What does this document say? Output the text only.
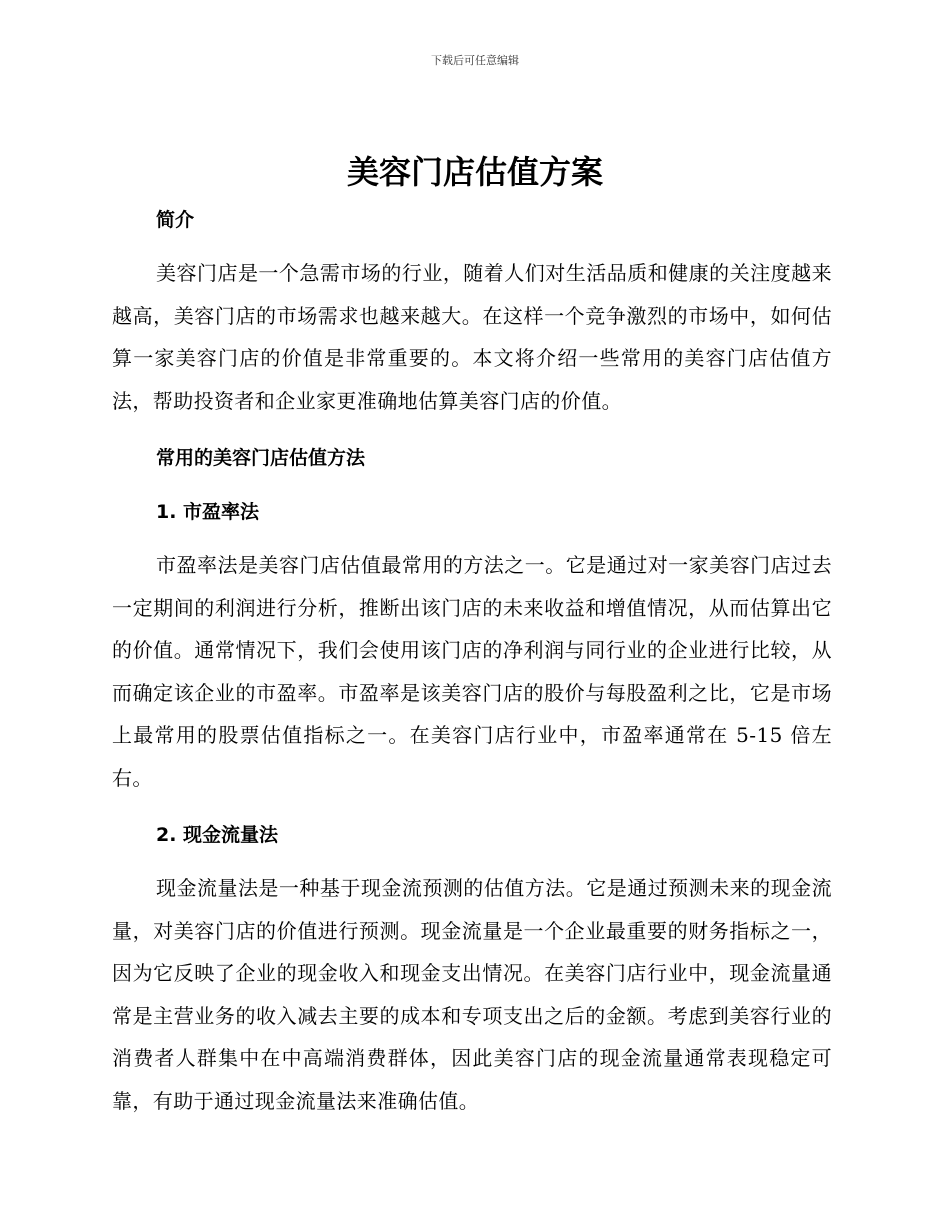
下载后可任意编辑
美容门店估值方案
简介

美容门店是一个急需市场的行业，随着人们对生活品质和健康的关注度越来越高，美容门店的市场需求也越来越大。在这样一个竞争激烈的市场中，如何估算一家美容门店的价值是非常重要的。本文将介绍一些常用的美容门店估值方法，帮助投资者和企业家更准确地估算美容门店的价值。

常用的美容门店估值方法
1. 市盈率法

市盈率法是美容门店估值最常用的方法之一。它是通过对一家美容门店过去一定期间的利润进行分析，推断出该门店的未来收益和增值情况，从而估算出它的价值。通常情况下，我们会使用该门店的净利润与同行业的企业进行比较，从而确定该企业的市盈率。市盈率是该美容门店的股价与每股盈利之比，它是市场上最常用的股票估值指标之一。在美容门店行业中，市盈率通常在 5-15 倍左右。

2. 现金流量法

现金流量法是一种基于现金流预测的估值方法。它是通过预测未来的现金流量，对美容门店的价值进行预测。现金流量是一个企业最重要的财务指标之一，因为它反映了企业的现金收入和现金支出情况。在美容门店行业中，现金流量通常是主营业务的收入减去主要的成本和专项支出之后的金额。考虑到美容行业的消费者人群集中在中高端消费群体，因此美容门店的现金流量通常表现稳定可靠，有助于通过现金流量法来准确估值。
